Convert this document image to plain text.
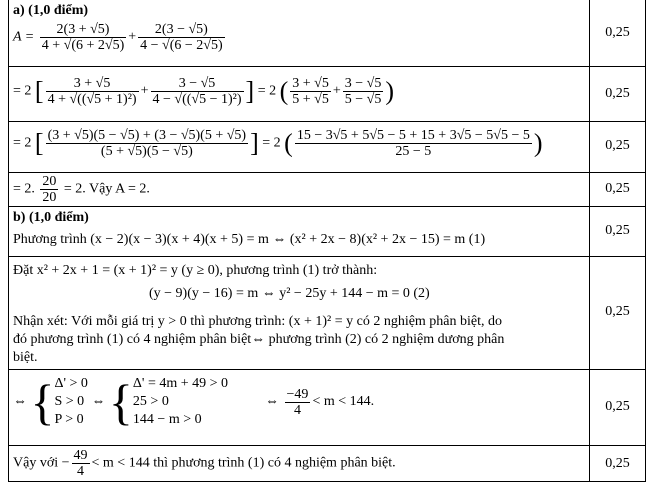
0,25
0,25
0,25
0,25
0,25
0,25
0,25
0,25
a) (1,0 điểm)
$A = \frac{2(3 + √5)}{4 + √(6 + 2√5)} + \frac{2(3 - √5)}{4 - √(6 - 2√5)}$
= 2 [ $\frac{3 + √5}{\text{4 + √((√5 + 1)²)}} + \frac{3 - √5}{\text{4 − √((√5 − 1)²)}}$ ] = 2 ( $\frac{3 + √5}{5 + √5} + \frac{3 - √5}{5 - √5}$ )
= 2 [ $\frac{(3 + √5)(5 - √5) + (3 - √5)(5 + √5)}{(5 + √5)(5 - √5)}$ ] = 2 ( $\frac{15 - 3√5 + 5√5 - 5 + 15 + 3√5 - 5√5 - 5}{25 - 5}$ )
= 2. $\frac{20}{20} = 2$. Vậy A = 2.
b) (1,0 điểm)
Phương trình (x − 2)(x − 3)(x + 4)(x + 5) = m ⇔ (x² + 2x − 8)(x² + 2x − 15) = m (1)
Đặt x² + 2x + 1 = (x + 1)² = y (y ≥ 0), phương trình (1) trở thành:
(y − 9)(y − 16) = m ⇔ y² − 25y + 144 − m = 0 (2)
Nhận xét: Với mỗi giá trị y > 0 thì phương trình: (x + 1)² = y có 2 nghiệm phân biệt, do
đó phương trình (1) có 4 nghiệm phân biệt⇔ phương trình (2) có 2 nghiệm dương phân
biệt.
⇔ { Δ' > 0
S > 0
P > 0
⇔ { Δ' = 4m + 49 > 0
25 > 0
144 − m > 0
⇔ $\frac{-49}{4} < m < 144$.
Vậy với − $\frac{49}{4} < m < 144$ thì phương trình (1) có 4 nghiệm phân biệt.
